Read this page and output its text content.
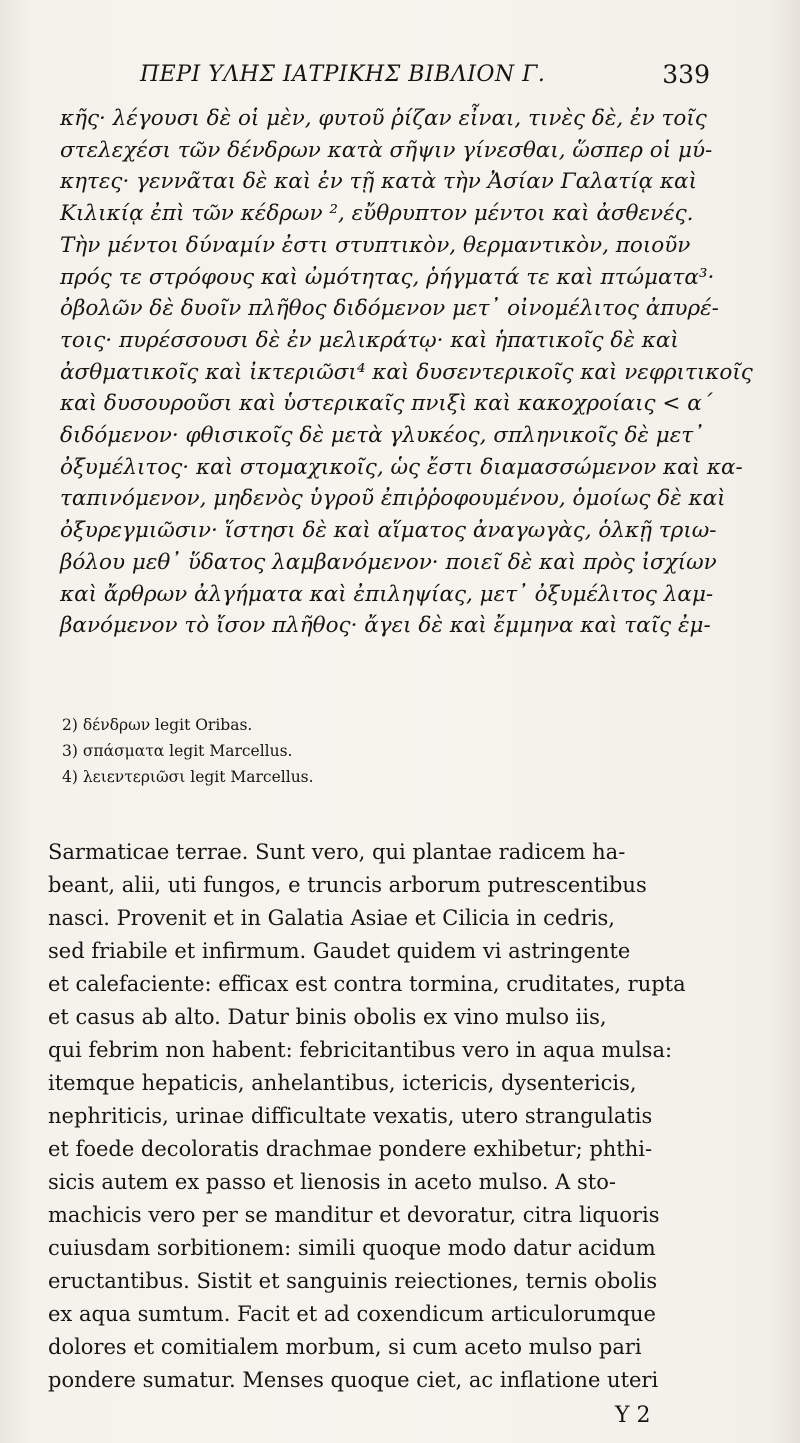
ΠΕΡΙ ΥΛΗΣ ΙΑΤΡΙΚΗΣ ΒΙΒΛΙΟΝ Γ.	339
κῆς· λέγουσι δὲ οἱ μὲν, φυτοῦ ῥίζαν εἶναι, τινὲς δὲ, ἐν τοῖς
στελεχέσι τῶν δένδρων κατὰ σῆψιν γίνεσθαι, ὥσπερ οἱ μύ-
κητες· γεννᾶται δὲ καὶ ἐν τῇ κατὰ τὴν Ἀσίαν Γαλατίᾳ καὶ
Κιλικίᾳ ἐπὶ τῶν κέδρων ², εὔθρυπτον μέντοι καὶ ἀσθενές.
Τὴν μέντοι δύναμίν ἐστι στυπτικὸν, θερμαντικὸν, ποιοῦν
πρός τε στρόφους καὶ ὠμότητας, ῥήγματά τε καὶ πτώματα³·
ὀβολῶν δὲ δυοῖν πλῆθος διδόμενον μετ᾽ οἰνομέλιτος ἀπυρέ-
τοις· πυρέσσουσι δὲ ἐν μελικράτῳ· καὶ ἡπατικοῖς δὲ καὶ
ἀσθματικοῖς καὶ ἰκτεριῶσι⁴ καὶ δυσεντερικοῖς καὶ νεφριτικοῖς
καὶ δυσουροῦσι καὶ ὑστερικαῖς πνιξὶ καὶ κακοχροίαις < α΄
διδόμενον· φθισικοῖς δὲ μετὰ γλυκέος, σπληνικοῖς δὲ μετ᾽
ὀξυμέλιτος· καὶ στομαχικοῖς, ὡς ἔστι διαμασσώμενον καὶ κα-
ταπινόμενον, μηδενὸς ὑγροῦ ἐπιῤῥοφουμένου, ὁμοίως δὲ καὶ
ὀξυρεγμιῶσιν· ἵστησι δὲ καὶ αἵματος ἀναγωγὰς, ὁλκῇ τριω-
βόλου μεθ᾽ ὕδατος λαμβανόμενον· ποιεῖ δὲ καὶ πρὸς ἰσχίων
καὶ ἄρθρων ἀλγήματα καὶ ἐπιληψίας, μετ᾽ ὀξυμέλιτος λαμ-
βανόμενον τὸ ἴσον πλῆθος· ἄγει δὲ καὶ ἔμμηνα καὶ ταῖς ἐμ-
2) δένδρων legit Oribas.
3) σπάσματα legit Marcellus.
4) λειεντεριῶσι legit Marcellus.
Sarmaticae terrae. Sunt vero, qui plantae radicem ha-
beant, alii, uti fungos, e truncis arborum putrescentibus
nasci. Provenit et in Galatia Asiae et Cilicia in cedris,
sed friabile et infirmum. Gaudet quidem vi astringente
et calefaciente: efficax est contra tormina, cruditates, rupta
et casus ab alto. Datur binis obolis ex vino mulso iis,
qui febrim non habent: febricitantibus vero in aqua mulsa:
itemque hepaticis, anhelantibus, ictericis, dysentericis,
nephriticis, urinae difficultate vexatis, utero strangulatis
et foede decoloratis drachmae pondere exhibetur; phthi-
sicis autem ex passo et lienosis in aceto mulso. A sto-
machicis vero per se manditur et devoratur, citra liquoris
cuiusdam sorbitionem: simili quoque modo datur acidum
eructantibus. Sistit et sanguinis reiectiones, ternis obolis
ex aqua sumtum. Facit et ad coxendicum articulorumque
dolores et comitialem morbum, si cum aceto mulso pari
pondere sumatur. Menses quoque ciet, ac inflatione uteri
Y 2
